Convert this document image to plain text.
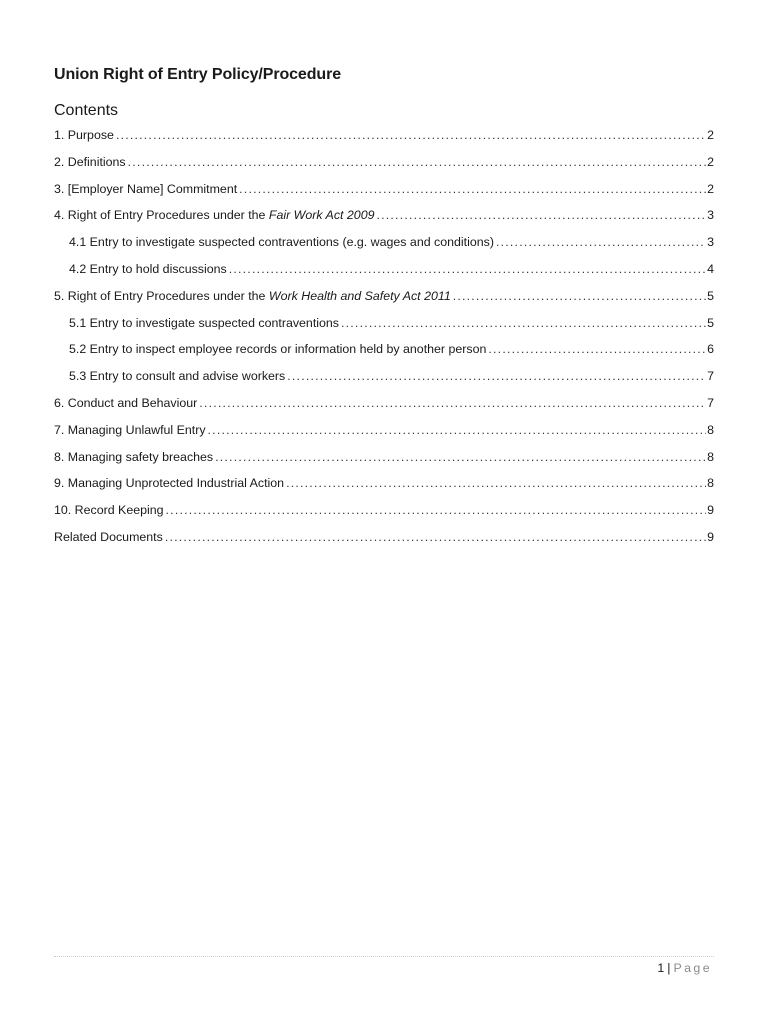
Union Right of Entry Policy/Procedure
Contents
1. Purpose .....	2
2. Definitions .....	2
3. [Employer Name] Commitment .....	2
4. Right of Entry Procedures under the Fair Work Act 2009 .....	3
4.1 Entry to investigate suspected contraventions (e.g. wages and conditions) .....	3
4.2 Entry to hold discussions .....	4
5. Right of Entry Procedures under the Work Health and Safety Act 2011 .....	5
5.1 Entry to investigate suspected contraventions .....	5
5.2 Entry to inspect employee records or information held by another person .....	6
5.3 Entry to consult and advise workers .....	7
6. Conduct and Behaviour .....	7
7. Managing Unlawful Entry .....	8
8. Managing safety breaches .....	8
9. Managing Unprotected Industrial Action .....	8
10. Record Keeping .....	9
Related Documents .....	9
1 | Page
